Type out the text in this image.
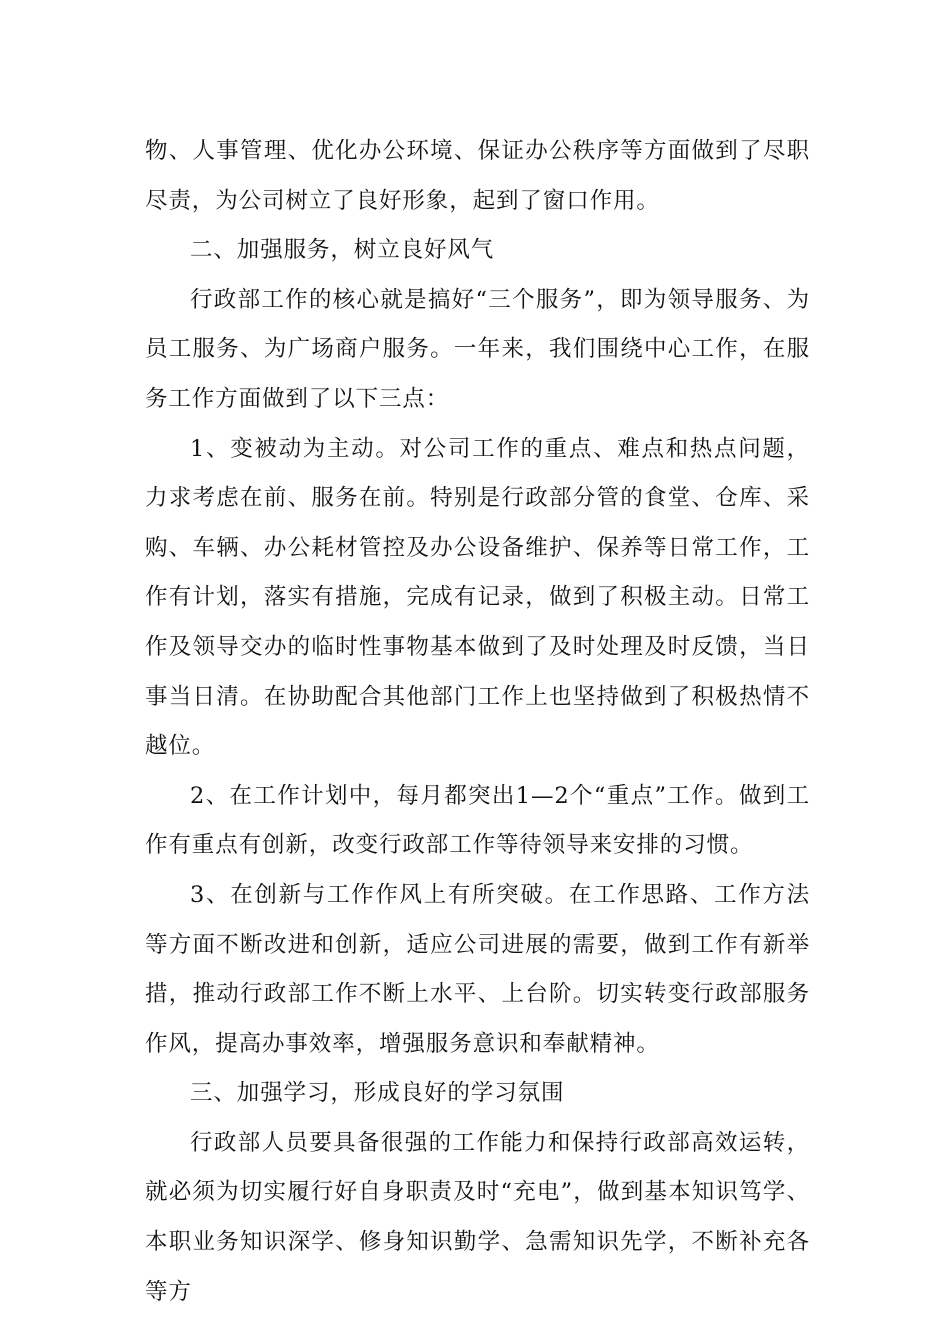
物、人事管理、优化办公环境、保证办公秩序等方面做到了尽职尽责，为公司树立了良好形象，起到了窗口作用。

二、加强服务，树立良好风气

行政部工作的核心就是搞好“三个服务”，即为领导服务、为员工服务、为广场商户服务。一年来，我们围绕中心工作，在服务工作方面做到了以下三点：

1、变被动为主动。对公司工作的重点、难点和热点问题，力求考虑在前、服务在前。特别是行政部分管的食堂、仓库、采购、车辆、办公耗材管控及办公设备维护、保养等日常工作，工作有计划，落实有措施，完成有记录，做到了积极主动。日常工作及领导交办的临时性事物基本做到了及时处理及时反馈，当日事当日清。在协助配合其他部门工作上也坚持做到了积极热情不越位。

2、在工作计划中，每月都突出1—2个“重点”工作。做到工作有重点有创新，改变行政部工作等待领导来安排的习惯。

3、在创新与工作作风上有所突破。在工作思路、工作方法等方面不断改进和创新，适应公司进展的需要，做到工作有新举措，推动行政部工作不断上水平、上台阶。切实转变行政部服务作风，提高办事效率，增强服务意识和奉献精神。

三、加强学习，形成良好的学习氛围

行政部人员要具备很强的工作能力和保持行政部高效运转，就必须为切实履行好自身职责及时“充电”，做到基本知识笃学、本职业务知识深学、修身知识勤学、急需知识先学，不断补充各等方
